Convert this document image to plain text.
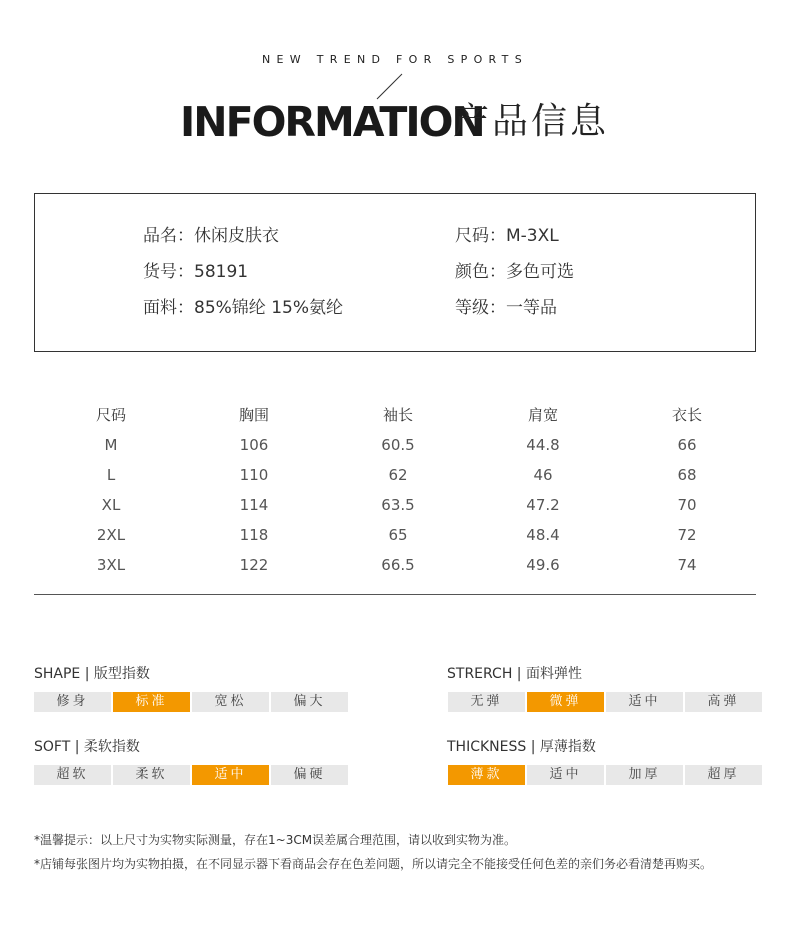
NEW TREND FOR SPORTS
INFORMATION
产品信息
品名：休闲皮肤衣	尺码：M-3XL
货号：58191	颜色：多色可选
面料：85%锦纶 15%氨纶	等级：一等品
尺码	胸围	袖长	肩宽	衣长
M	106	60.5	44.8	66
L	110	62	46	68
XL	114	63.5	47.2	70
2XL	118	65	48.4	72
3XL	122	66.5	49.6	74
SHAPE | 版型指数
修身	标准	宽松	偏大
STRERCH | 面料弹性
无弹	微弹	适中	高弹
SOFT | 柔软指数
超软	柔软	适中	偏硬
THICKNESS | 厚薄指数
薄款	适中	加厚	超厚
*温馨提示：以上尺寸为实物实际测量，存在1~3CM误差属合理范围，请以收到实物为准。
*店铺每张图片均为实物拍摄，在不同显示器下看商品会存在色差问题，所以请完全不能接受任何色差的亲们务必看清楚再购买。
